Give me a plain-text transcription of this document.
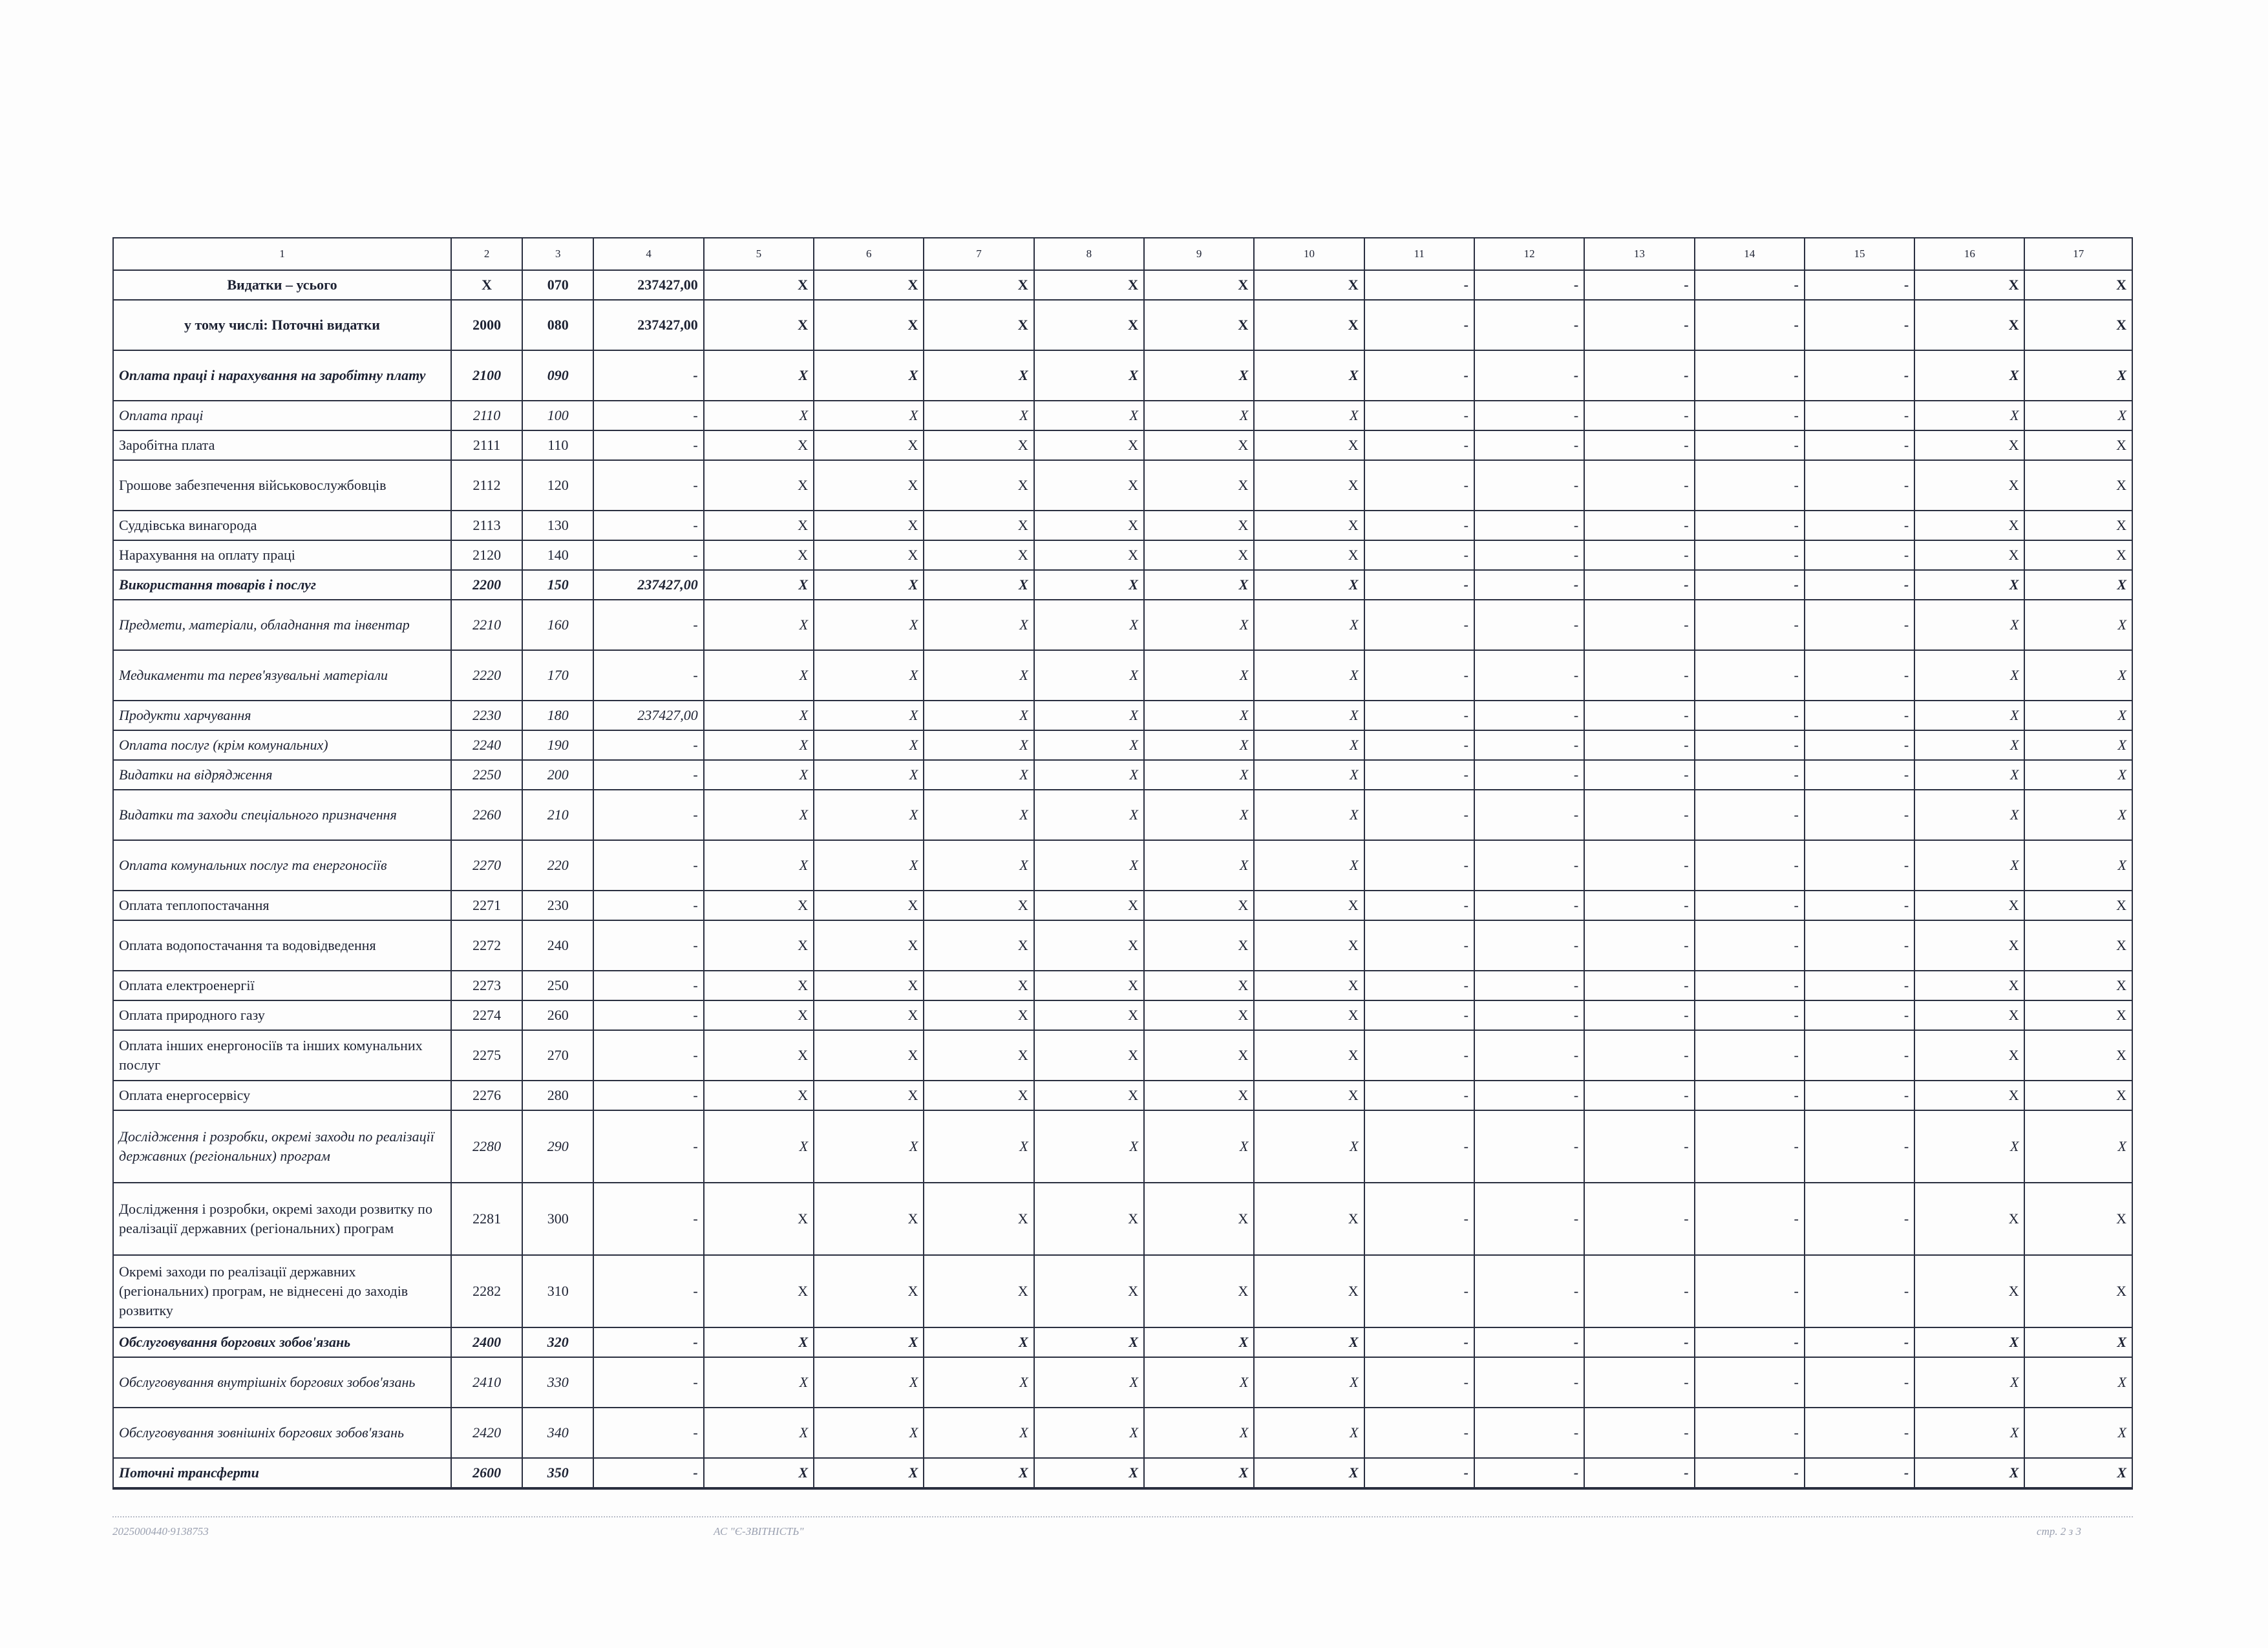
1	2	3	4	5	6	7	8	9	10	11	12	13	14	15	16	17
Видатки – усього	Х	070	237427,00	Х	Х	Х	Х	Х	Х	-	-	-	-	-	Х	Х
у тому числі: Поточні видатки	2000	080	237427,00	Х	Х	Х	Х	Х	Х	-	-	-	-	-	Х	Х
Оплата праці і нарахування на заробітну плату	2100	090	-	Х	Х	Х	Х	Х	Х	-	-	-	-	-	Х	Х
Оплата праці	2110	100	-	Х	Х	Х	Х	Х	Х	-	-	-	-	-	Х	Х
Заробітна плата	2111	110	-	Х	Х	Х	Х	Х	Х	-	-	-	-	-	Х	Х
Грошове забезпечення військовослужбовців	2112	120	-	Х	Х	Х	Х	Х	Х	-	-	-	-	-	Х	Х
Суддівська винагорода	2113	130	-	Х	Х	Х	Х	Х	Х	-	-	-	-	-	Х	Х
Нарахування на оплату праці	2120	140	-	Х	Х	Х	Х	Х	Х	-	-	-	-	-	Х	Х
Використання товарів і послуг	2200	150	237427,00	Х	Х	Х	Х	Х	Х	-	-	-	-	-	Х	Х
Предмети, матеріали, обладнання та інвентар	2210	160	-	Х	Х	Х	Х	Х	Х	-	-	-	-	-	Х	Х
Медикаменти та перев'язувальні матеріали	2220	170	-	Х	Х	Х	Х	Х	Х	-	-	-	-	-	Х	Х
Продукти харчування	2230	180	237427,00	Х	Х	Х	Х	Х	Х	-	-	-	-	-	Х	Х
Оплата послуг (крім комунальних)	2240	190	-	Х	Х	Х	Х	Х	Х	-	-	-	-	-	Х	Х
Видатки на відрядження	2250	200	-	Х	Х	Х	Х	Х	Х	-	-	-	-	-	Х	Х
Видатки та заходи спеціального призначення	2260	210	-	Х	Х	Х	Х	Х	Х	-	-	-	-	-	Х	Х
Оплата комунальних послуг та енергоносіїв	2270	220	-	Х	Х	Х	Х	Х	Х	-	-	-	-	-	Х	Х
Оплата теплопостачання	2271	230	-	Х	Х	Х	Х	Х	Х	-	-	-	-	-	Х	Х
Оплата водопостачання та водовідведення	2272	240	-	Х	Х	Х	Х	Х	Х	-	-	-	-	-	Х	Х
Оплата електроенергії	2273	250	-	Х	Х	Х	Х	Х	Х	-	-	-	-	-	Х	Х
Оплата природного газу	2274	260	-	Х	Х	Х	Х	Х	Х	-	-	-	-	-	Х	Х
Оплата інших енергоносіїв та інших комунальних послуг	2275	270	-	Х	Х	Х	Х	Х	Х	-	-	-	-	-	Х	Х
Оплата енергосервісу	2276	280	-	Х	Х	Х	Х	Х	Х	-	-	-	-	-	Х	Х
Дослідження і розробки, окремі заходи по реалізації державних (регіональних) програм	2280	290	-	Х	Х	Х	Х	Х	Х	-	-	-	-	-	Х	Х
Дослідження і розробки, окремі заходи розвитку по реалізації державних (регіональних) програм	2281	300	-	Х	Х	Х	Х	Х	Х	-	-	-	-	-	Х	Х
Окремі заходи по реалізації державних (регіональних) програм, не віднесені до заходів розвитку	2282	310	-	Х	Х	Х	Х	Х	Х	-	-	-	-	-	Х	Х
Обслуговування боргових зобов'язань	2400	320	-	Х	Х	Х	Х	Х	Х	-	-	-	-	-	Х	Х
Обслуговування внутрішніх боргових зобов'язань	2410	330	-	Х	Х	Х	Х	Х	Х	-	-	-	-	-	Х	Х
Обслуговування зовнішніх боргових зобов'язань	2420	340	-	Х	Х	Х	Х	Х	Х	-	-	-	-	-	Х	Х
Поточні трансферти	2600	350	-	Х	Х	Х	Х	Х	Х	-	-	-	-	-	Х	Х
2025000440·9138753	АС "Є-ЗВІТНІСТЬ"	стр. 2 з 3
